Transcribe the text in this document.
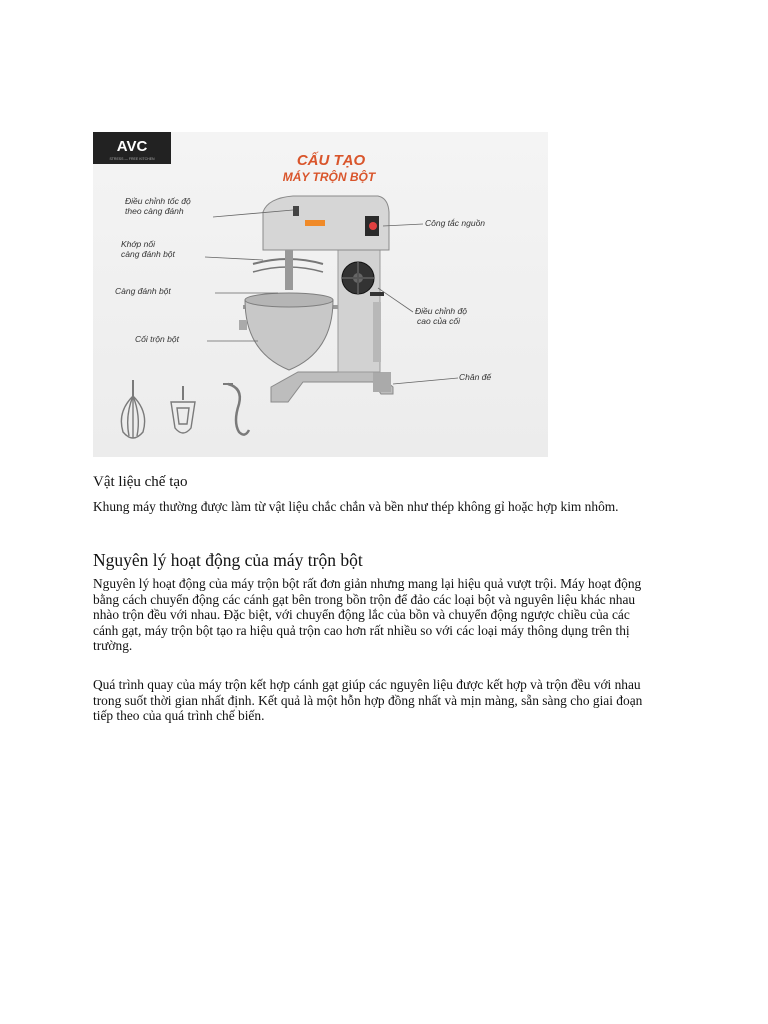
AVC
STRESS — FREE KITCHEN	CẤU TẠO
MÁY TRỘN BỘT
Điều chỉnh tốc độ
theo càng đánh
Khớp nối
càng đánh bột
Càng đánh bột
Cối trộn bột
Công tắc nguồn
Điều chỉnh độ
cao của cối
Chân đế
Vật liệu chế tạo

Khung máy thường được làm từ vật liệu chắc chắn và bền như thép không gỉ hoặc hợp kim nhôm.

Nguyên lý hoạt động của máy trộn bột

Nguyên lý hoạt động của máy trộn bột rất đơn giản nhưng mang lại hiệu quả vượt trội. Máy hoạt động bằng cách chuyển động các cánh gạt bên trong bồn trộn để đảo các loại bột và nguyên liệu khác nhau nhào trộn đều với nhau. Đặc biệt, với chuyển động lắc của bồn và chuyển động ngược chiều của các cánh gạt, máy trộn bột tạo ra hiệu quả trộn cao hơn rất nhiều so với các loại máy thông dụng trên thị trường.

Quá trình quay của máy trộn kết hợp cánh gạt giúp các nguyên liệu được kết hợp và trộn đều với nhau trong suốt thời gian nhất định. Kết quả là một hỗn hợp đồng nhất và mịn màng, sẵn sàng cho giai đoạn tiếp theo của quá trình chế biến.
